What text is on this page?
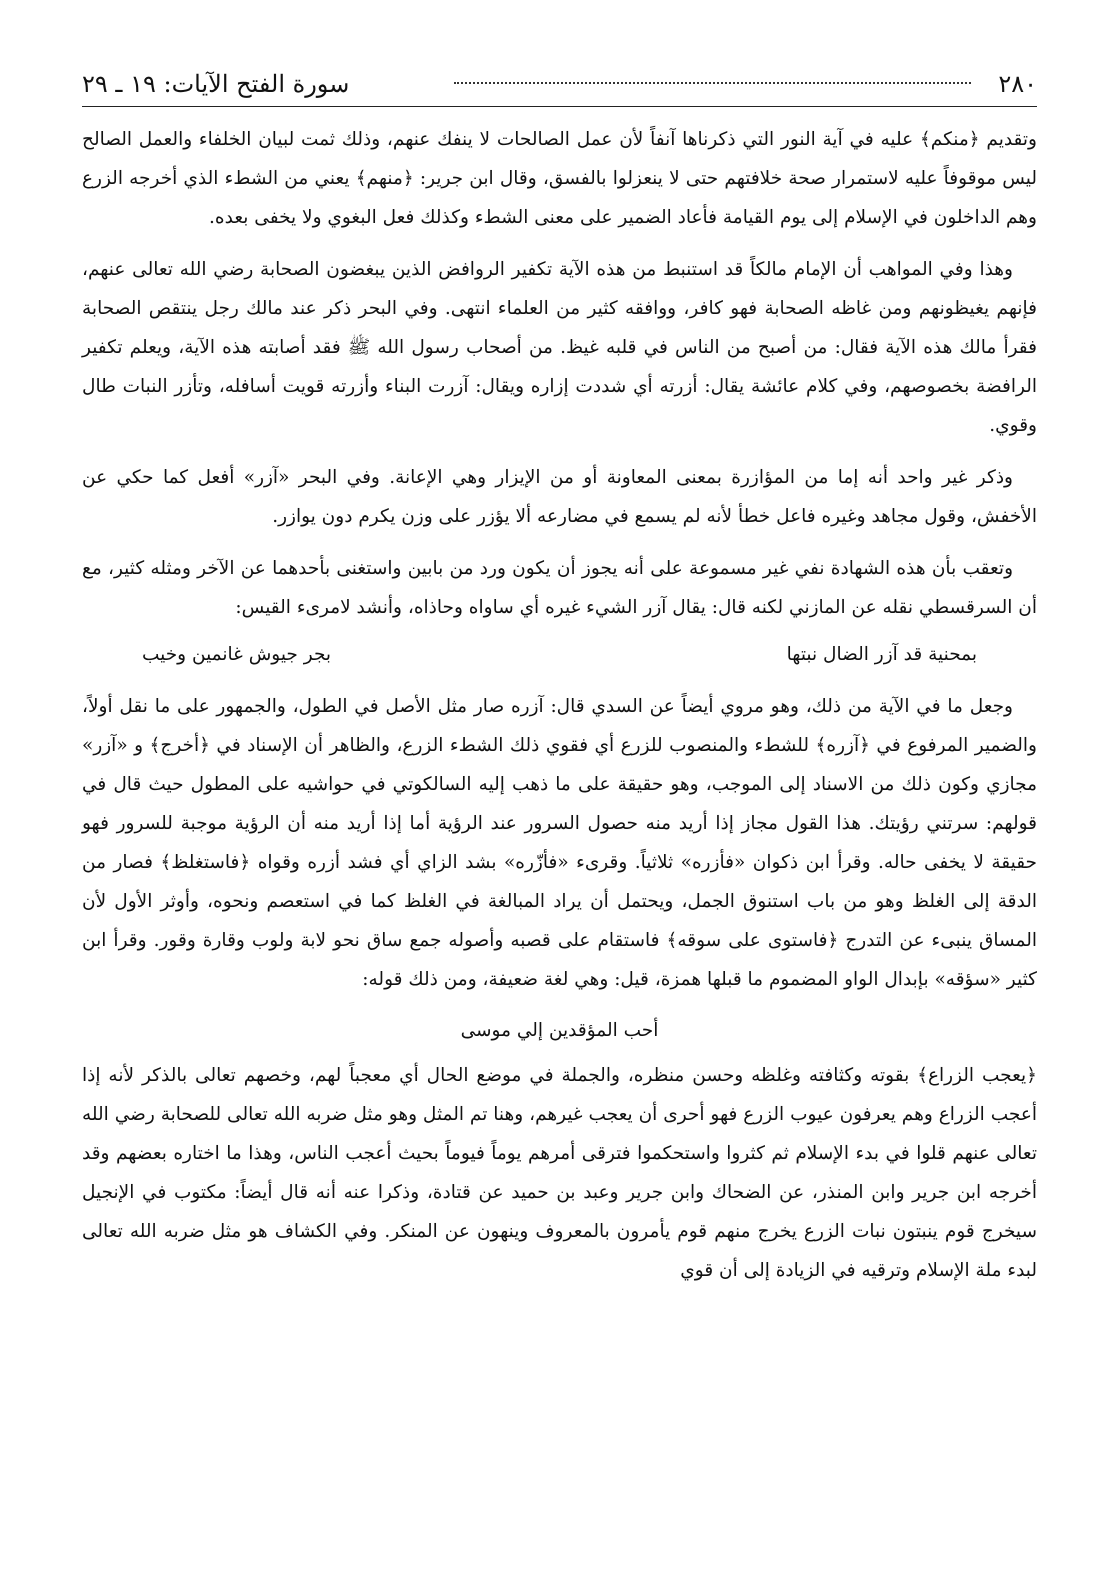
٢٨٠
سورة الفتح الآيات: ١٩ ـ ٢٩

وتقديم ﴿منكم﴾ عليه في آية النور التي ذكرناها آنفاً لأن عمل الصالحات لا ينفك عنهم، وذلك ثمت لبيان الخلفاء والعمل الصالح ليس موقوفاً عليه لاستمرار صحة خلافتهم حتى لا ينعزلوا بالفسق، وقال ابن جرير: ﴿منهم﴾ يعني من الشطء الذي أخرجه الزرع وهم الداخلون في الإسلام إلى يوم القيامة فأعاد الضمير على معنى الشطء وكذلك فعل البغوي ولا يخفى بعده.

وهذا وفي المواهب أن الإمام مالكاً قد استنبط من هذه الآية تكفير الروافض الذين يبغضون الصحابة رضي الله تعالى عنهم، فإنهم يغيظونهم ومن غاظه الصحابة فهو كافر، ووافقه كثير من العلماء انتهى. وفي البحر ذكر عند مالك رجل ينتقص الصحابة فقرأ مالك هذه الآية فقال: من أصبح من الناس في قلبه غيظ. من أصحاب رسول الله ﷺ فقد أصابته هذه الآية، ويعلم تكفير الرافضة بخصوصهم، وفي كلام عائشة يقال: أزرته أي شددت إزاره ويقال: آزرت البناء وأزرته قويت أسافله، وتأزر النبات طال وقوي.

وذكر غير واحد أنه إما من المؤازرة بمعنى المعاونة أو من الإيزار وهي الإعانة. وفي البحر «آزر» أفعل كما حكي عن الأخفش، وقول مجاهد وغيره فاعل خطأ لأنه لم يسمع في مضارعه ألا يؤزر على وزن يكرم دون يوازر.

وتعقب بأن هذه الشهادة نفي غير مسموعة على أنه يجوز أن يكون ورد من بابين واستغنى بأحدهما عن الآخر ومثله كثير، مع أن السرقسطي نقله عن المازني لكنه قال: يقال آزر الشيء غيره أي ساواه وحاذاه، وأنشد لامرىء القيس:

بمحنية قد آزر الضال نبتها
بجر جيوش غانمين وخيب

وجعل ما في الآية من ذلك، وهو مروي أيضاً عن السدي قال: آزره صار مثل الأصل في الطول، والجمهور على ما نقل أولاً، والضمير المرفوع في ﴿آزره﴾ للشطء والمنصوب للزرع أي فقوي ذلك الشطء الزرع، والظاهر أن الإسناد في ﴿أخرج﴾ و «آزر» مجازي وكون ذلك من الاسناد إلى الموجب، وهو حقيقة على ما ذهب إليه السالكوتي في حواشيه على المطول حيث قال في قولهم: سرتني رؤيتك. هذا القول مجاز إذا أريد منه حصول السرور عند الرؤية أما إذا أريد منه أن الرؤية موجبة للسرور فهو حقيقة لا يخفى حاله. وقرأ ابن ذكوان «فأزره» ثلاثياً. وقرىء «فأزّره» بشد الزاي أي فشد أزره وقواه ﴿فاستغلظ﴾ فصار من الدقة إلى الغلظ وهو من باب استنوق الجمل، ويحتمل أن يراد المبالغة في الغلظ كما في استعصم ونحوه، وأوثر الأول لأن المساق ينبىء عن التدرج ﴿فاستوى على سوقه﴾ فاستقام على قصبه وأصوله جمع ساق نحو لابة ولوب وقارة وقور. وقرأ ابن كثير «سؤقه» بإبدال الواو المضموم ما قبلها همزة، قيل: وهي لغة ضعيفة، ومن ذلك قوله:

أحب المؤقدين إلي موسى

﴿يعجب الزراع﴾ بقوته وكثافته وغلظه وحسن منظره، والجملة في موضع الحال أي معجباً لهم، وخصهم تعالى بالذكر لأنه إذا أعجب الزراع وهم يعرفون عيوب الزرع فهو أحرى أن يعجب غيرهم، وهنا تم المثل وهو مثل ضربه الله تعالى للصحابة رضي الله تعالى عنهم قلوا في بدء الإسلام ثم كثروا واستحكموا فترقى أمرهم يوماً فيوماً بحيث أعجب الناس، وهذا ما اختاره بعضهم وقد أخرجه ابن جرير وابن المنذر، عن الضحاك وابن جرير وعبد بن حميد عن قتادة، وذكرا عنه أنه قال أيضاً: مكتوب في الإنجيل سيخرج قوم ينبتون نبات الزرع يخرج منهم قوم يأمرون بالمعروف وينهون عن المنكر. وفي الكشاف هو مثل ضربه الله تعالى لبدء ملة الإسلام وترقيه في الزيادة إلى أن قوي
